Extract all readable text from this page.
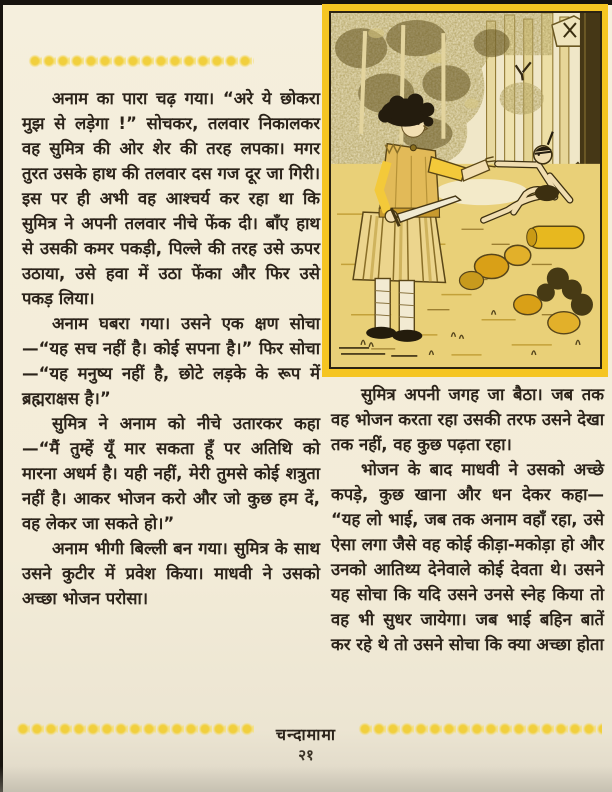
अनाम का पारा चढ़ गया। “अरे ये छोकरा मुझ से लड़ेगा !” सोचकर, तलवार निकालकर वह सुमित्र की ओर शेर की तरह लपका। मगर तुरत उसके हाथ की तलवार दस गज दूर जा गिरी। इस पर ही अभी वह आश्चर्य कर रहा था कि सुमित्र ने अपनी तलवार नीचे फेंक दी। बाँए हाथ से उसकी कमर पकड़ी, पिल्ले की तरह उसे ऊपर उठाया, उसे हवा में उठा फेंका और फिर उसे पकड़ लिया।

अनाम घबरा गया। उसने एक क्षण सोचा—“यह सच नहीं है। कोई सपना है।” फिर सोचा—“यह मनुष्य नहीं है, छोटे लड़के के रूप में ब्रह्मराक्षस है।”

सुमित्र ने अनाम को नीचे उतारकर कहा—“मैं तुम्हें यूँ मार सकता हूँ पर अतिथि को मारना अधर्म है। यही नहीं, मेरी तुमसे कोई शत्रुता नहीं है। आकर भोजन करो और जो कुछ हम दें, वह लेकर जा सकते हो।”

अनाम भीगी बिल्ली बन गया। सुमित्र के साथ उसने कुटीर में प्रवेश किया। माधवी ने उसको अच्छा भोजन परोसा।

सुमित्र अपनी जगह जा बैठा। जब तक वह भोजन करता रहा उसकी तरफ उसने देखा तक नहीं, वह कुछ पढ़ता रहा।

भोजन के बाद माधवी ने उसको अच्छे कपड़े, कुछ खाना और धन देकर कहा— “यह लो भाई, जब तक अनाम वहाँ रहा, उसे ऐसा लगा जैसे वह कोई कीड़ा-मकोड़ा हो और उनको आतिथ्य देनेवाले कोई देवता थे। उसने यह सोचा कि यदि उसने उनसे स्नेह किया तो वह भी सुधर जायेगा। जब भाई बहिन बातें कर रहे थे तो उसने सोचा कि क्या अच्छा होता

चन्दामामा
२१
